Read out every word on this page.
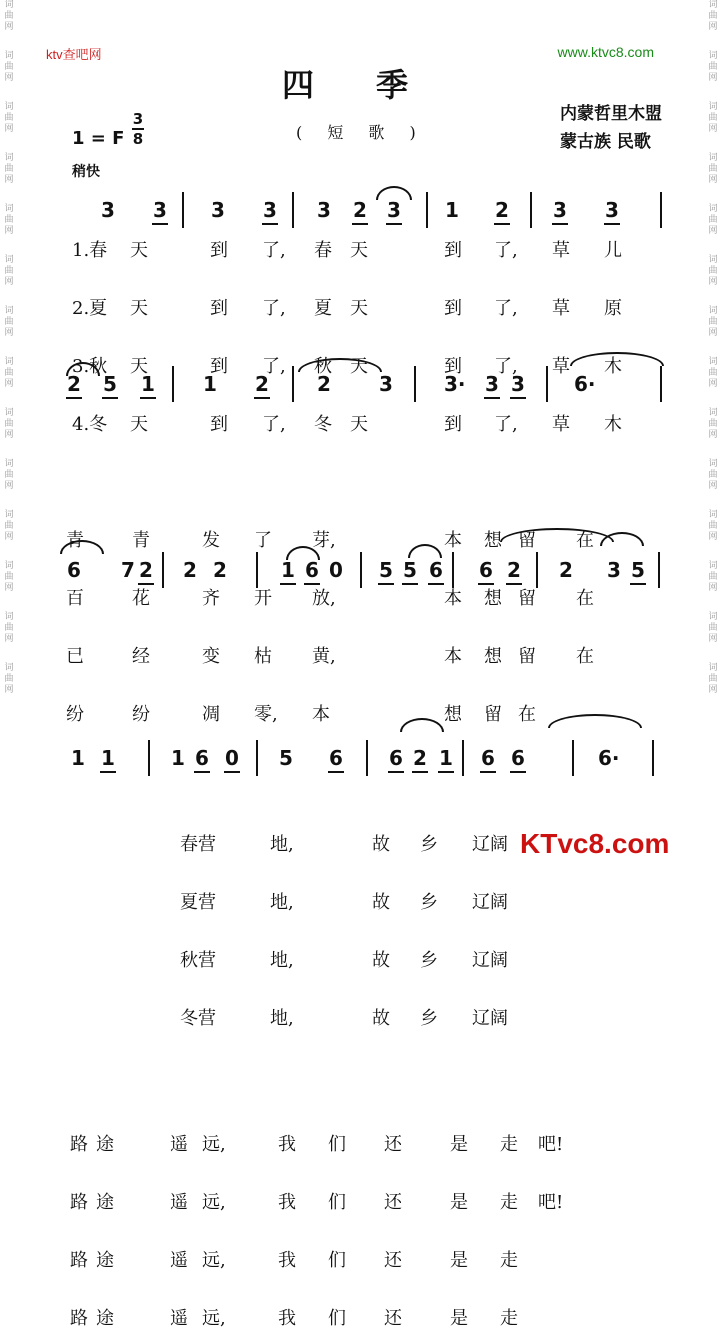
词曲网
词曲网
词曲网
词曲网
词曲网
词曲网
词曲网
词曲网
词曲网
词曲网
词曲网
词曲网
词曲网
词曲网
词曲网
词曲网
词曲网
词曲网
词曲网
词曲网
词曲网
词曲网
词曲网
词曲网
词曲网
词曲网
词曲网
词曲网
ktv查吧网	www.ktvc8.com
四季
( 短 歌 )
内蒙哲里木盟
蒙古族 民歌
1 = F
3
8
稍快
3 3 3 3 3 2 3 1 2 3 3
1.春 天	到 了, 春 天	到 了, 草 儿
2.夏 天	到 了, 夏 天	到 了, 草 原
3.秋 天	到 了, 秋 天	到 了, 草 木
4.冬 天	到 了, 冬 天	到 了, 草 木
2 5 1 1 2 2 3	3· 3 3 6·
青	青	发 了 芽,	本 想 留 在
百	花	齐 开 放,	本 想 留 在
已	经	变 枯 黄,	本 想 留 在
纷	纷	凋 零, 本	想 留 在
6 7 2 2 2	1 6 0 5 5 6 6 2 2 3 5
春营	地,	故 乡 辽阔
夏营	地,	故 乡 辽阔
秋营	地,	故 乡 辽阔
冬营	地,	故 乡 辽阔
1 1	1 6 0 5 6 6 2 1 6 6	6·
路 途	遥 远,	我 们 还	是 走 吧!
路 途	遥 远,	我 们 还	是 走 吧!
路 途	遥 远,	我 们 还	是 走
路 途	遥 远,	我 们 还	是 走
KTvc8.com
